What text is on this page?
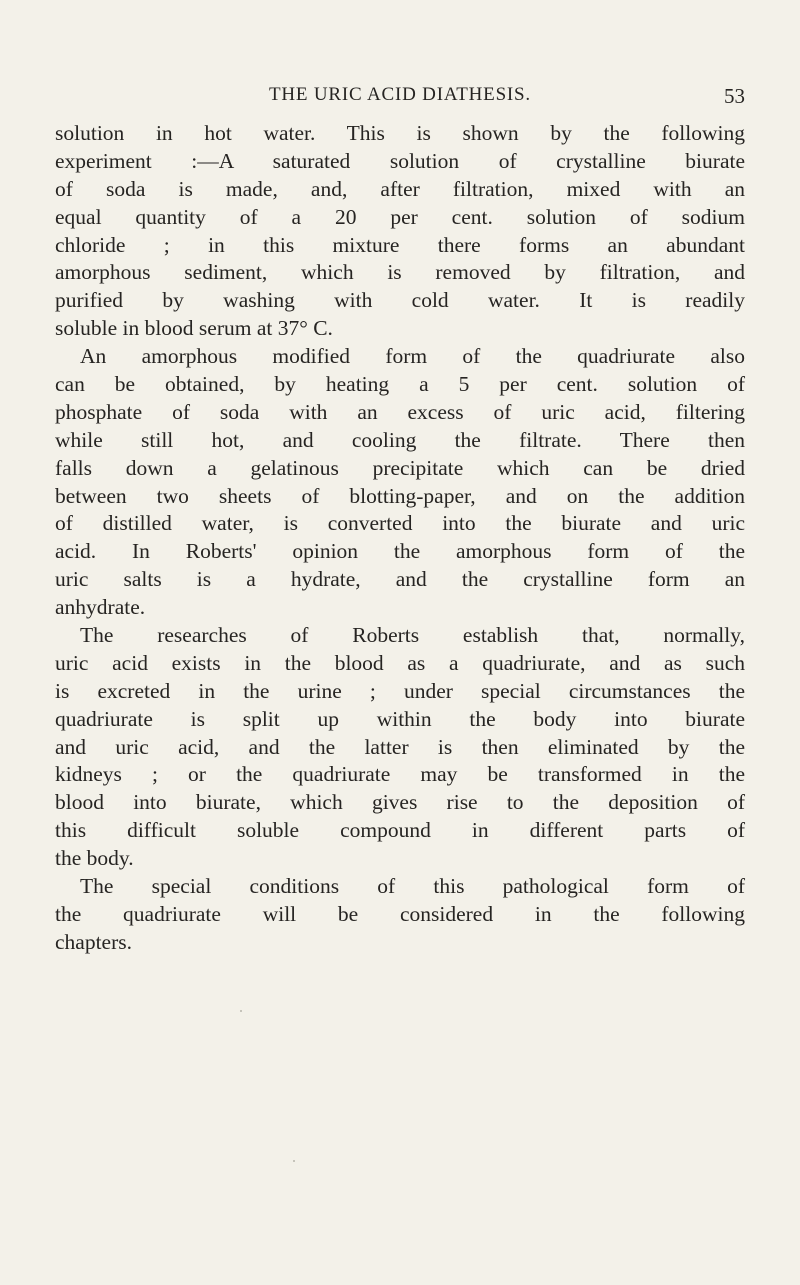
THE URIC ACID DIATHESIS.	53
solution in hot water. This is shown by the following
experiment :—A saturated solution of crystalline biurate
of soda is made, and, after filtration, mixed with an
equal quantity of a 20 per cent. solution of sodium
chloride ; in this mixture there forms an abundant
amorphous sediment, which is removed by filtration, and
purified by washing with cold water. It is readily
soluble in blood serum at 37° C.
An amorphous modified form of the quadriurate also
can be obtained, by heating a 5 per cent. solution of
phosphate of soda with an excess of uric acid, filtering
while still hot, and cooling the filtrate. There then
falls down a gelatinous precipitate which can be dried
between two sheets of blotting-paper, and on the addition
of distilled water, is converted into the biurate and uric
acid. In Roberts' opinion the amorphous form of the
uric salts is a hydrate, and the crystalline form an
anhydrate.
The researches of Roberts establish that, normally,
uric acid exists in the blood as a quadriurate, and as such
is excreted in the urine ; under special circumstances the
quadriurate is split up within the body into biurate
and uric acid, and the latter is then eliminated by the
kidneys ; or the quadriurate may be transformed in the
blood into biurate, which gives rise to the deposition of
this difficult soluble compound in different parts of
the body.
The special conditions of this pathological form of
the quadriurate will be considered in the following
chapters.
